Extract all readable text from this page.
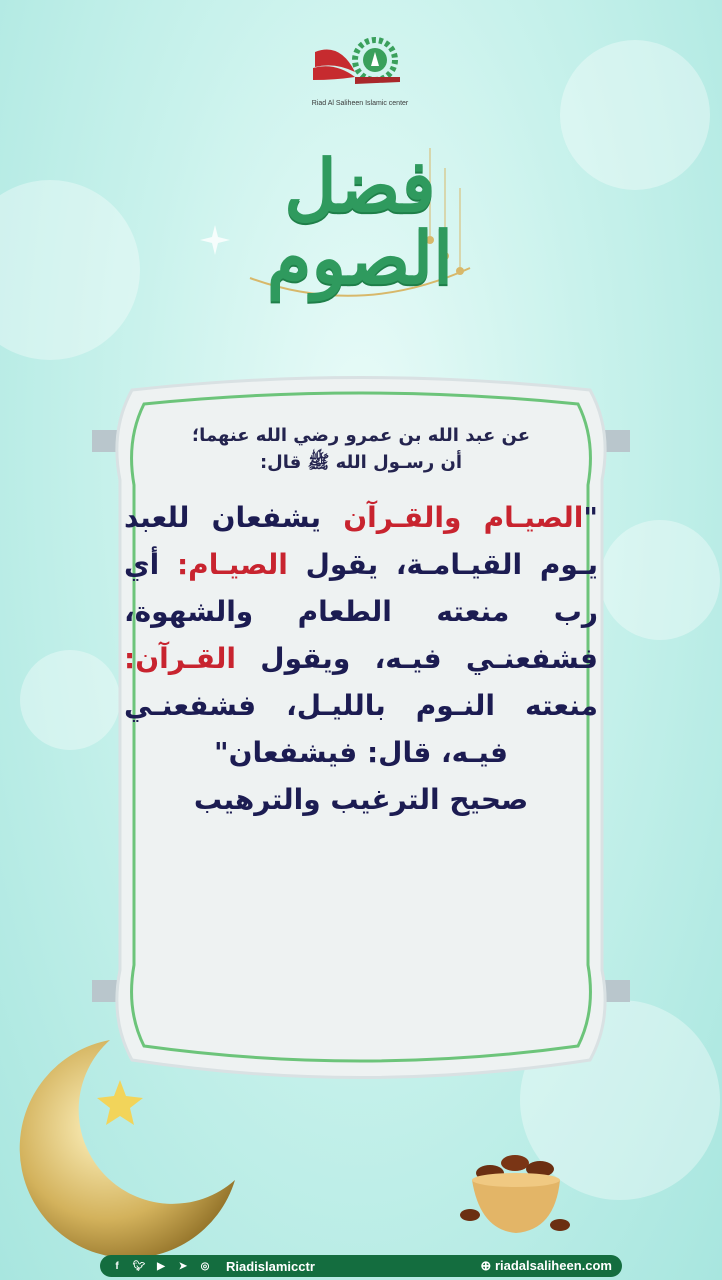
Riad Al Saliheen Islamic center
فضل الصوم
عن عبد الله بن عمرو رضي الله عنهما؛
أن رسـول الله ﷺ قال:
"الصيـام والقـرآن يشفعان للعبد يـوم القيـامـة، يقول الصيـام: أي رب منعته الطعام والشهوة، فشفعنـي فيـه، ويقول القـرآن: منعته النـوم بالليـل، فشفعنـي فيـه، قال: فيشفعان"
صحيح الترغيب والترهيب
f	🐦︎	▶	➤ ◎ Riadislamicctr	⊕ riadalsaliheen.com
